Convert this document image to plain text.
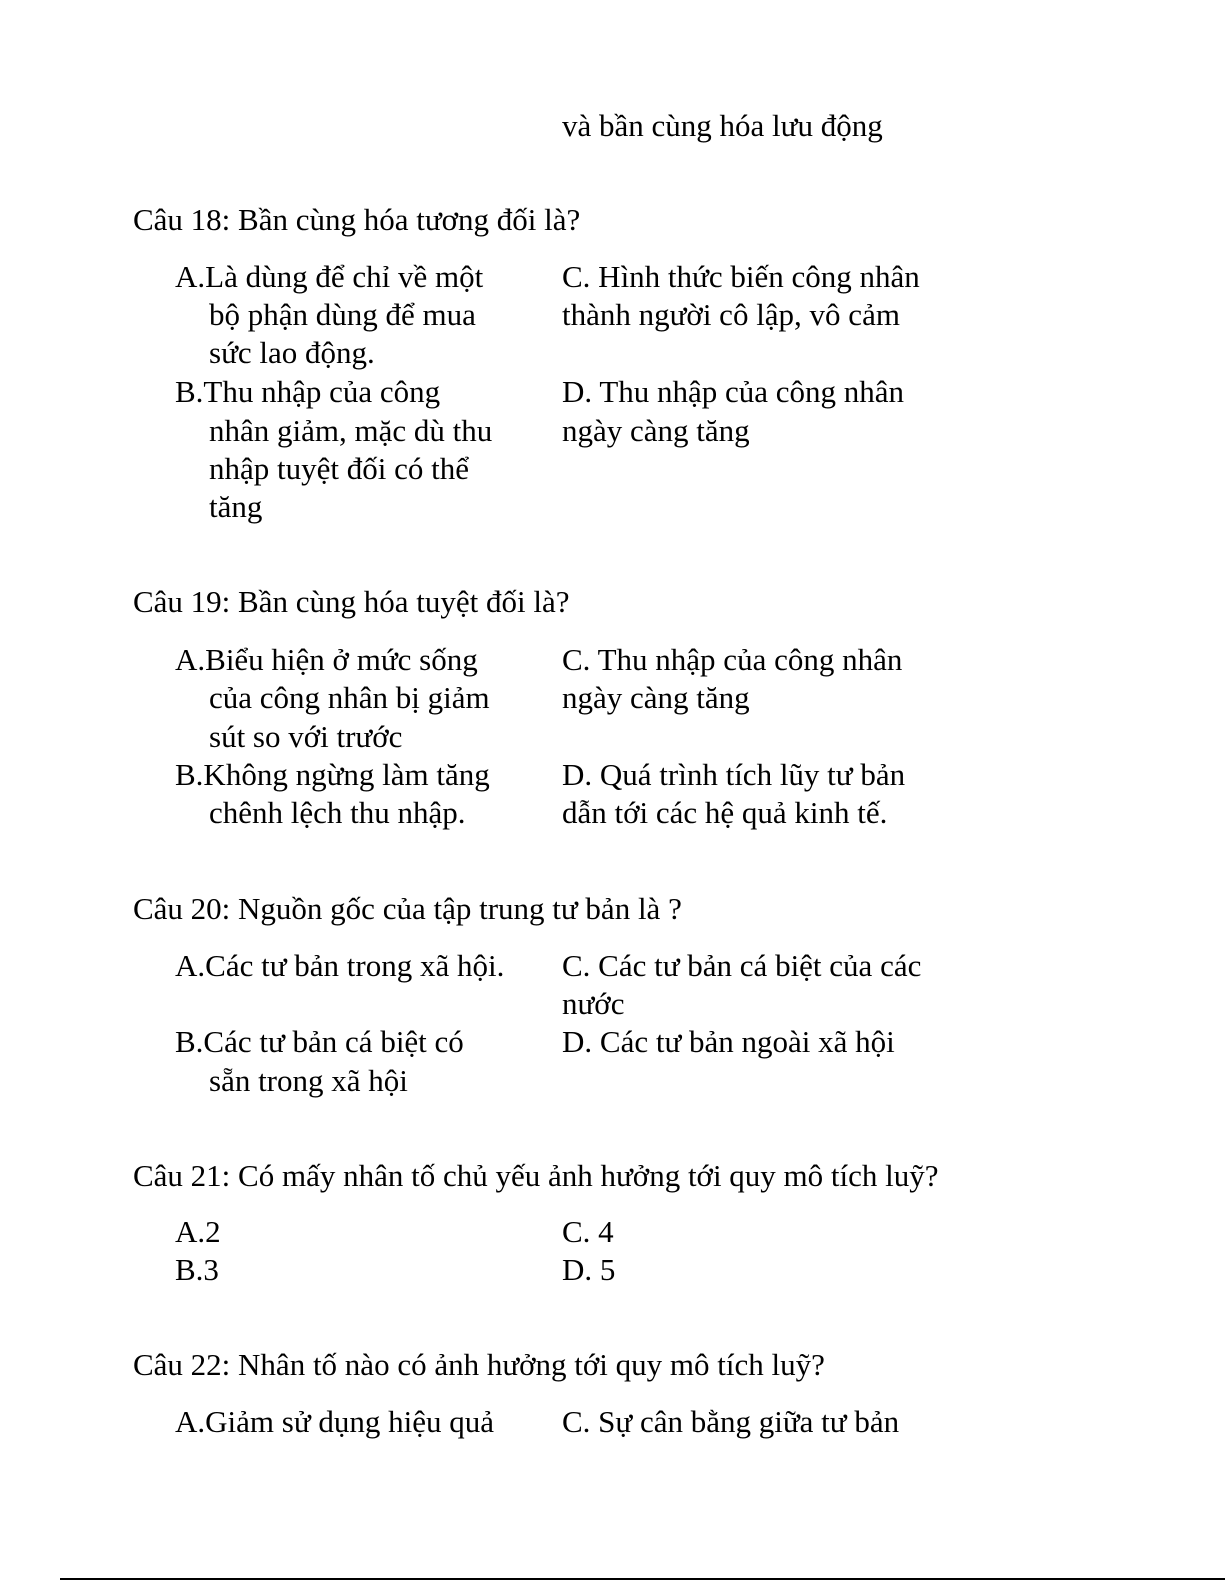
và bần cùng hóa lưu động
Câu 18: Bần cùng hóa tương đối là?
A.Là dùng để chỉ về một
bộ phận dùng để mua
sức lao động.
B.Thu nhập của công
nhân giảm, mặc dù thu
nhập tuyệt đối có thể
tăng
C. Hình thức biến công nhân
thành người cô lập, vô cảm
D. Thu nhập của công nhân
ngày càng tăng
Câu 19: Bần cùng hóa tuyệt đối là?
A.Biểu hiện ở mức sống
của công nhân bị giảm
sút so với trước
B.Không ngừng làm tăng
chênh lệch thu nhập.
C. Thu nhập của công nhân
ngày càng tăng
D. Quá trình tích lũy tư bản
dẫn tới các hệ quả kinh tế.
Câu 20: Nguồn gốc của tập trung tư bản là ?
A.Các tư bản trong xã hội.
B.Các tư bản cá biệt có
sẵn trong xã hội
C. Các tư bản cá biệt của các
nước
D. Các tư bản ngoài xã hội
Câu 21: Có mấy nhân tố chủ yếu ảnh hưởng tới quy mô tích luỹ?
A.2
B.3
C. 4
D. 5
Câu 22: Nhân tố nào có ảnh hưởng tới quy mô tích luỹ?
A.Giảm sử dụng hiệu quả C. Sự cân bằng giữa tư bản
